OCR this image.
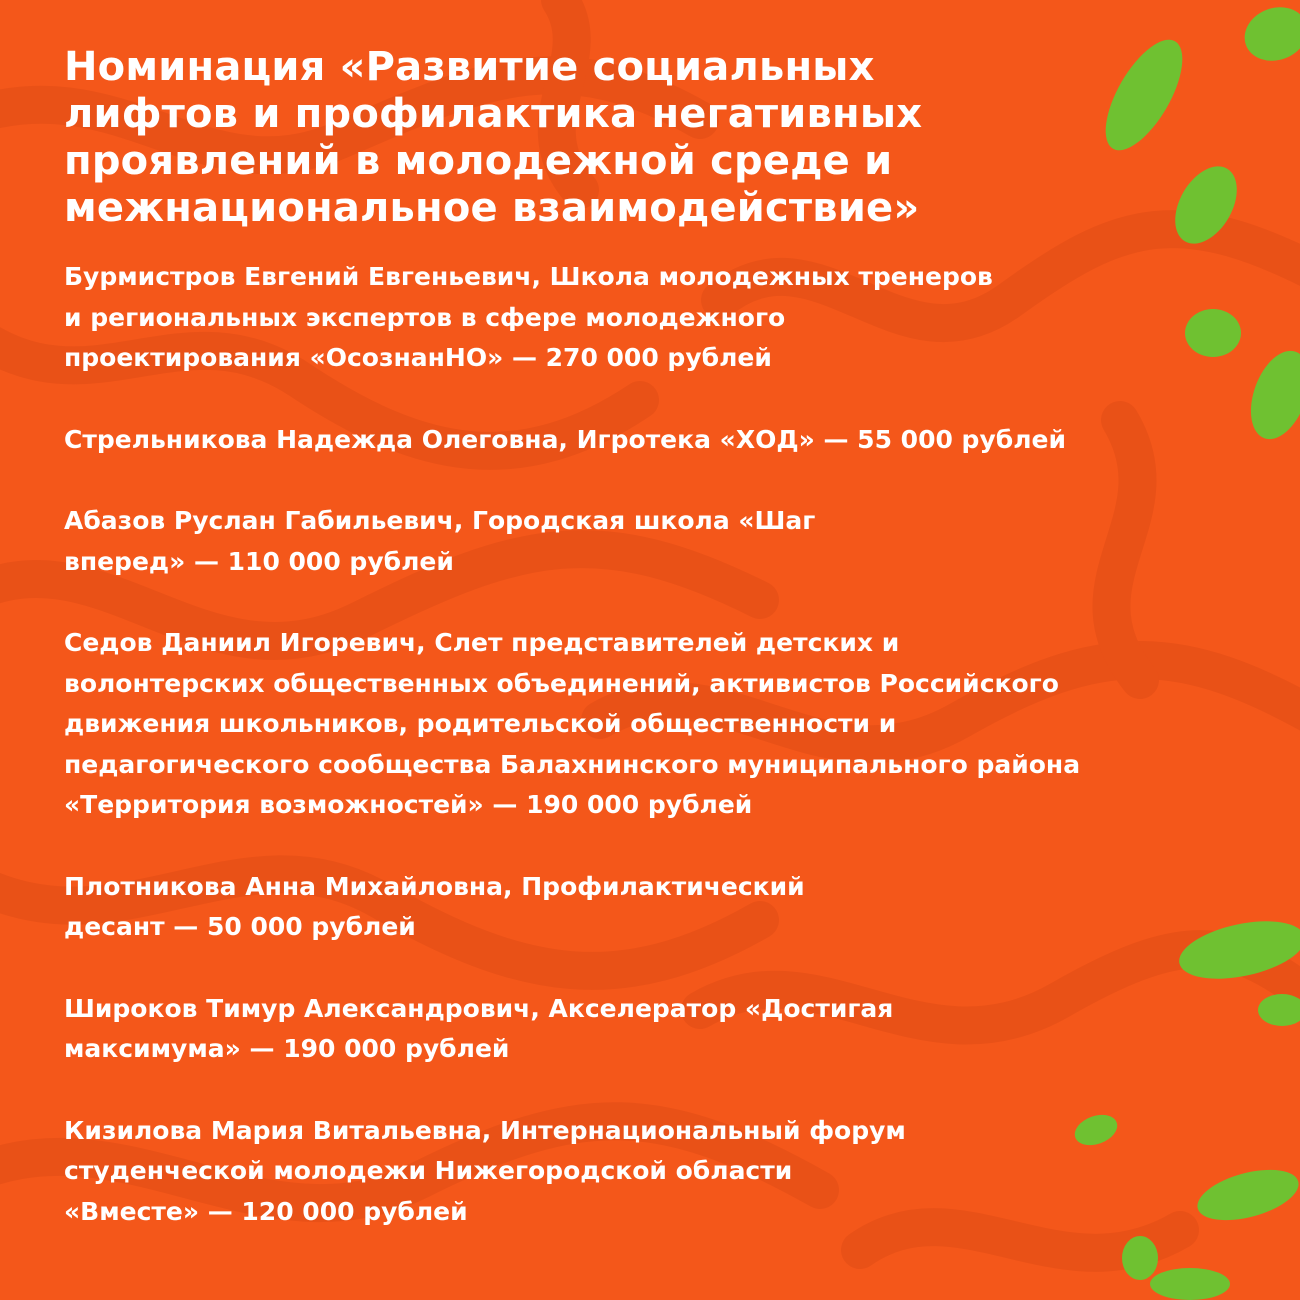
Номинация «Развитие социальных
лифтов и профилактика негативных
проявлений в молодежной среде и
межнациональное взаимодействие»
Бурмистров Евгений Евгеньевич, Школа молодежных тренеров
и региональных экспертов в сфере молодежного
проектирования «ОсознанНО» — 270 000 рублей
Стрельникова Надежда Олеговна, Игротека «ХОД» — 55 000 рублей
Абазов Руслан Габильевич, Городская школа «Шаг
вперед» — 110 000 рублей
Седов Даниил Игоревич, Слет представителей детских и
волонтерских общественных объединений, активистов Российского
движения школьников, родительской общественности и
педагогического сообщества Балахнинского муниципального района
«Территория возможностей» — 190 000 рублей
Плотникова Анна Михайловна, Профилактический
десант — 50 000 рублей
Широков Тимур Александрович, Акселератор «Достигая
максимума» — 190 000 рублей
Кизилова Мария Витальевна, Интернациональный форум
студенческой молодежи Нижегородской области
«Вместе» — 120 000 рублей
